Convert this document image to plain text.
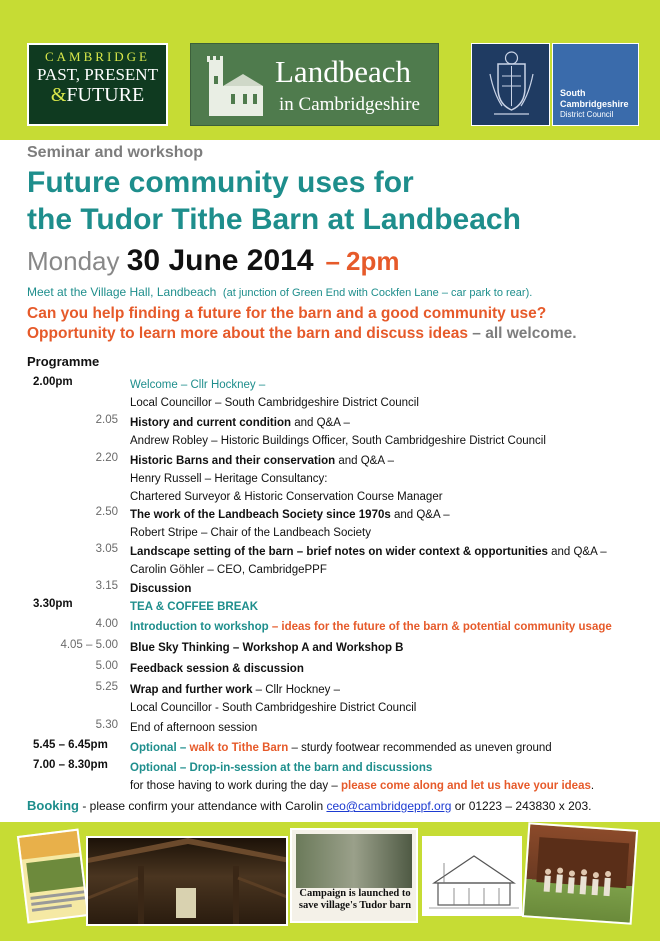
CAMBRIDGE
PAST, PRESENT
&FUTURE
Landbeach
in Cambridgeshire
South
Cambridgeshire
District Council
Seminar and workshop
Future community uses for
the Tudor Tithe Barn at Landbeach
Monday 30 June 2014 – 2pm
Meet at the Village Hall, Landbeach (at junction of Green End with Cockfen Lane – car park to rear).
Can you help finding a future for the barn and a good community use?
Opportunity to learn more about the barn and discuss ideas – all welcome.
Programme
2.00pm	Welcome – Cllr Hockney –
Local Councillor – South Cambridgeshire District Council
2.05 History and current condition and Q&A –
Andrew Robley – Historic Buildings Officer, South Cambridgeshire District Council
2.20 Historic Barns and their conservation and Q&A –
Henry Russell – Heritage Consultancy:
Chartered Surveyor & Historic Conservation Course Manager
2.50 The work of the Landbeach Society since 1970s and Q&A –
Robert Stripe – Chair of the Landbeach Society
3.05 Landscape setting of the barn – brief notes on wider context & opportunities and Q&A –
Carolin Göhler – CEO, CambridgePPF
3.15 Discussion
3.30pm	TEA & COFFEE BREAK
4.00 Introduction to workshop – ideas for the future of the barn & potential community usage
4.05 – 5.00 Blue Sky Thinking – Workshop A and Workshop B
5.00 Feedback session & discussion
5.25 Wrap and further work – Cllr Hockney –
Local Councillor - South Cambridgeshire District Council
5.30 End of afternoon session
5.45 – 6.45pm Optional – walk to Tithe Barn – sturdy footwear recommended as uneven ground
7.00 – 8.30pm Optional – Drop-in-session at the barn and discussions
for those having to work during the day – please come along and let us have your ideas.
Booking - please confirm your attendance with Carolin ceo@cambridgeppf.org or 01223 – 243830 x 203.
Campaign is launched to save village's Tudor barn
